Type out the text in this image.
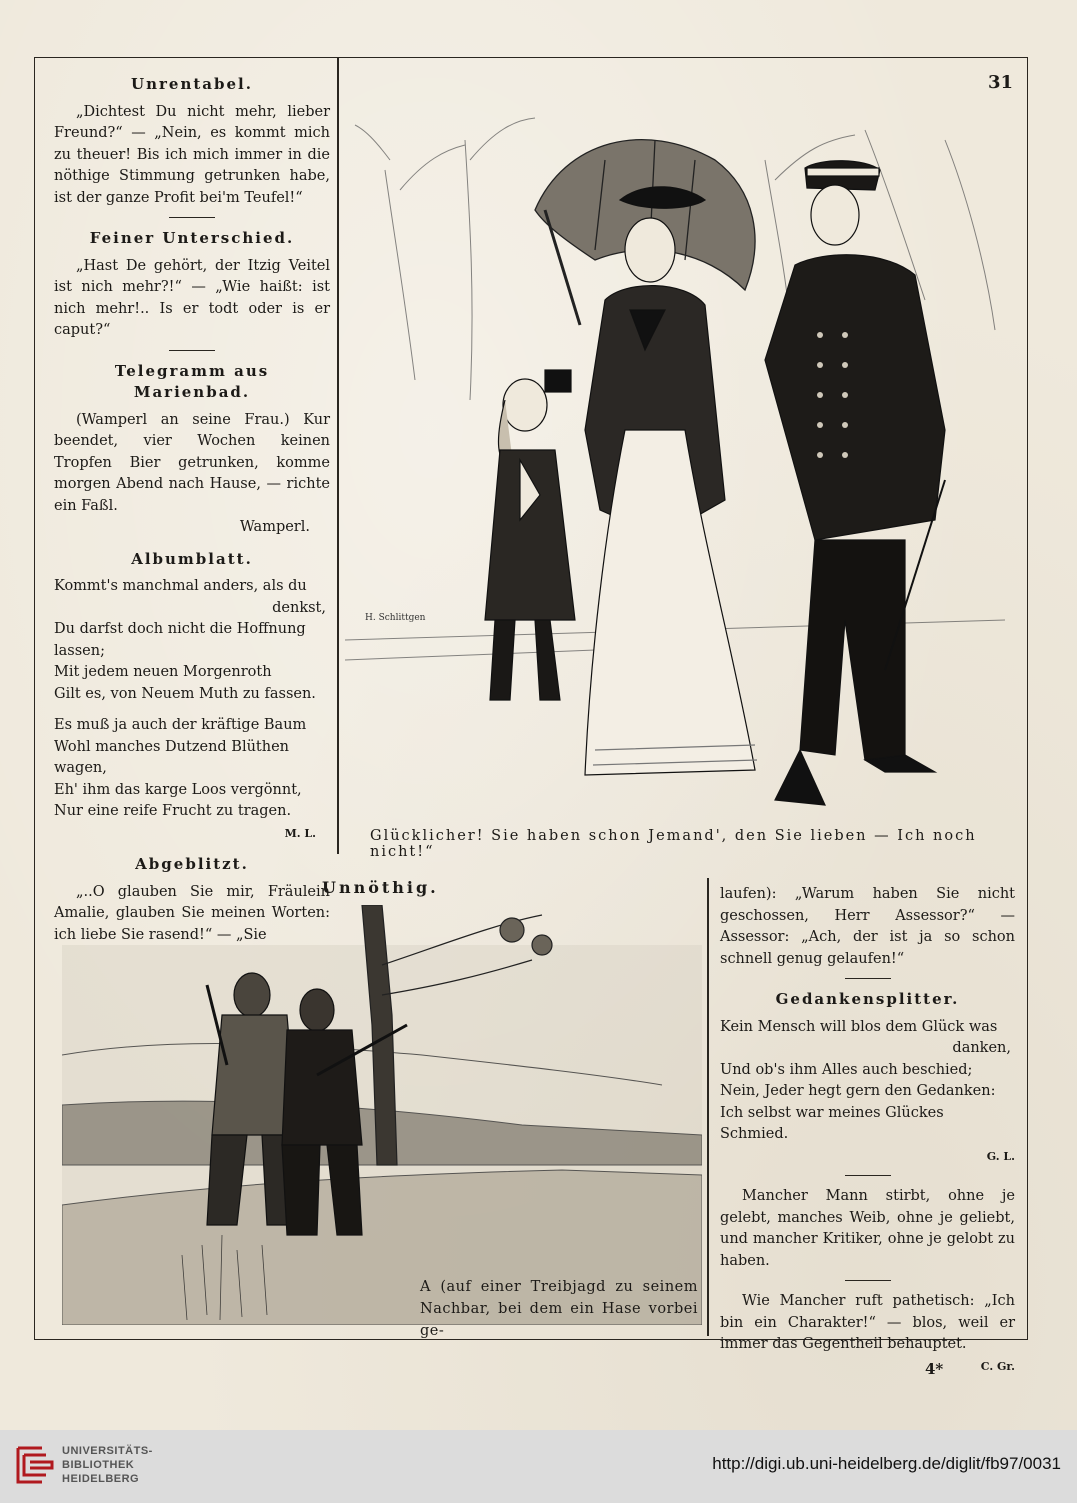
31
Unrentabel.

„Dichtest Du nicht mehr, lieber Freund?“ — „Nein, es kommt mich zu theuer! Bis ich mich immer in die nöthige Stimmung getrunken habe, ist der ganze Profit bei'm Teufel!“

Feiner Unterschied.

„Hast De gehört, der Itzig Veitel ist nich mehr?!“ — „Wie haißt: ist nich mehr!.. Is er todt oder is er caput?“

Telegramm aus Marienbad.

(Wamperl an seine Frau.) Kur beendet, vier Wochen keinen Tropfen Bier getrunken, komme morgen Abend nach Hause, — richte ein Faßl.

Wamperl.

Albumblatt.

Kommt's manchmal anders, als du

denkst,

Du darfst doch nicht die Hoffnung lassen;

Mit jedem neuen Morgenroth

Gilt es, von Neuem Muth zu fassen.

Es muß ja auch der kräftige Baum

Wohl manches Dutzend Blüthen wagen,

Eh' ihm das karge Loos vergönnt,

Nur eine reife Frucht zu tragen.

M. L.

Abgeblitzt.

„..O glauben Sie mir, Fräulein Amalie, glauben Sie meinen Worten: ich liebe Sie rasend!“ — „Sie

H. Schlittgen
Glücklicher! Sie haben schon Jemand', den Sie lieben — Ich noch nicht!“
Unnöthig.
A (auf einer Treibjagd zu seinem Nachbar, bei dem ein Hase vorbei ge-

laufen): „Warum haben Sie nicht geschossen, Herr Assessor?“ — Assessor: „Ach, der ist ja so schon schnell genug gelaufen!“

Gedankensplitter.

Kein Mensch will blos dem Glück was

danken,

Und ob's ihm Alles auch beschied;

Nein, Jeder hegt gern den Gedanken:

Ich selbst war meines Glückes Schmied.

G. L.

Mancher Mann stirbt, ohne je gelebt, manches Weib, ohne je geliebt, und mancher Kritiker, ohne je gelobt zu haben.

Wie Mancher ruft pathetisch: „Ich bin ein Charakter!“ — blos, weil er immer das Gegentheil behauptet.

C. Gr.

4*
UNIVERSITÄTS-
BIBLIOTHEK
HEIDELBERG
http://digi.ub.uni-heidelberg.de/diglit/fb97/0031
